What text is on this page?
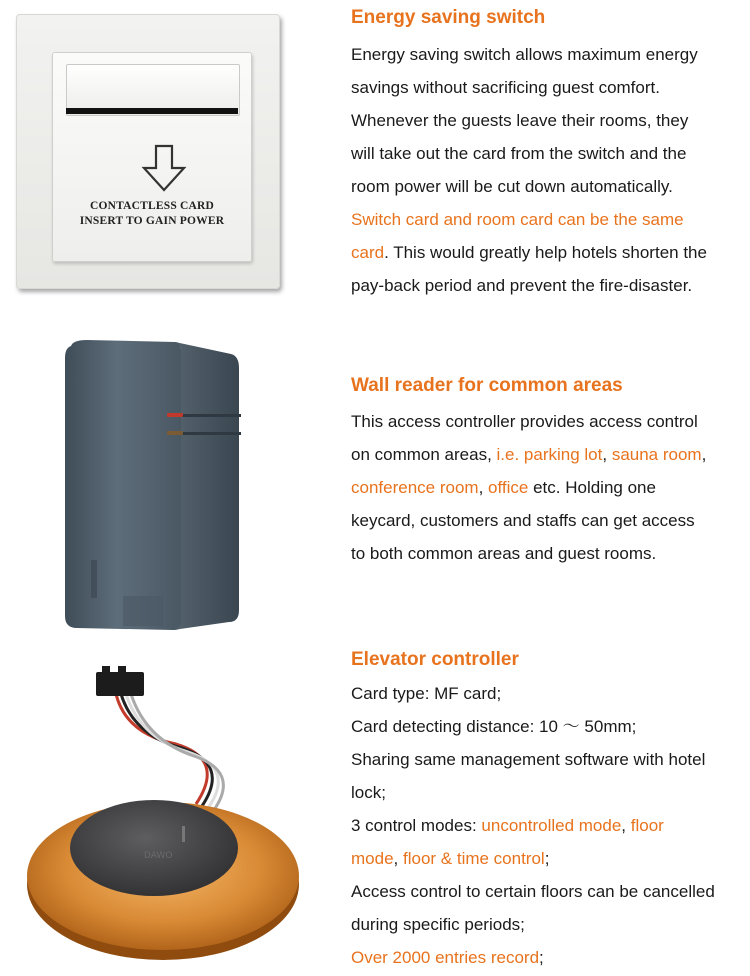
CONTACTLESS CARD
INSERT TO GAIN POWER
Energy saving switch
Energy saving switch allows maximum energy
savings without sacrificing guest comfort.
Whenever the guests leave their rooms, they
will take out the card from the switch and the
room power will be cut down automatically.
Switch card and room card can be the same
card. This would greatly help hotels shorten the
pay-back period and prevent the fire-disaster.
Wall reader for common areas
This access controller provides access control
on common areas, i.e. parking lot, sauna room,
conference room, office etc. Holding one
keycard, customers and staffs can get access
to both common areas and guest rooms.
DAWO
Elevator controller
Card type: MF card;
Card detecting distance: 10 ～ 50mm;
Sharing same management software with hotel
lock;
3 control modes: uncontrolled mode, floor
mode, floor & time control;
Access control to certain floors can be cancelled
during specific periods;
Over 2000 entries record;
